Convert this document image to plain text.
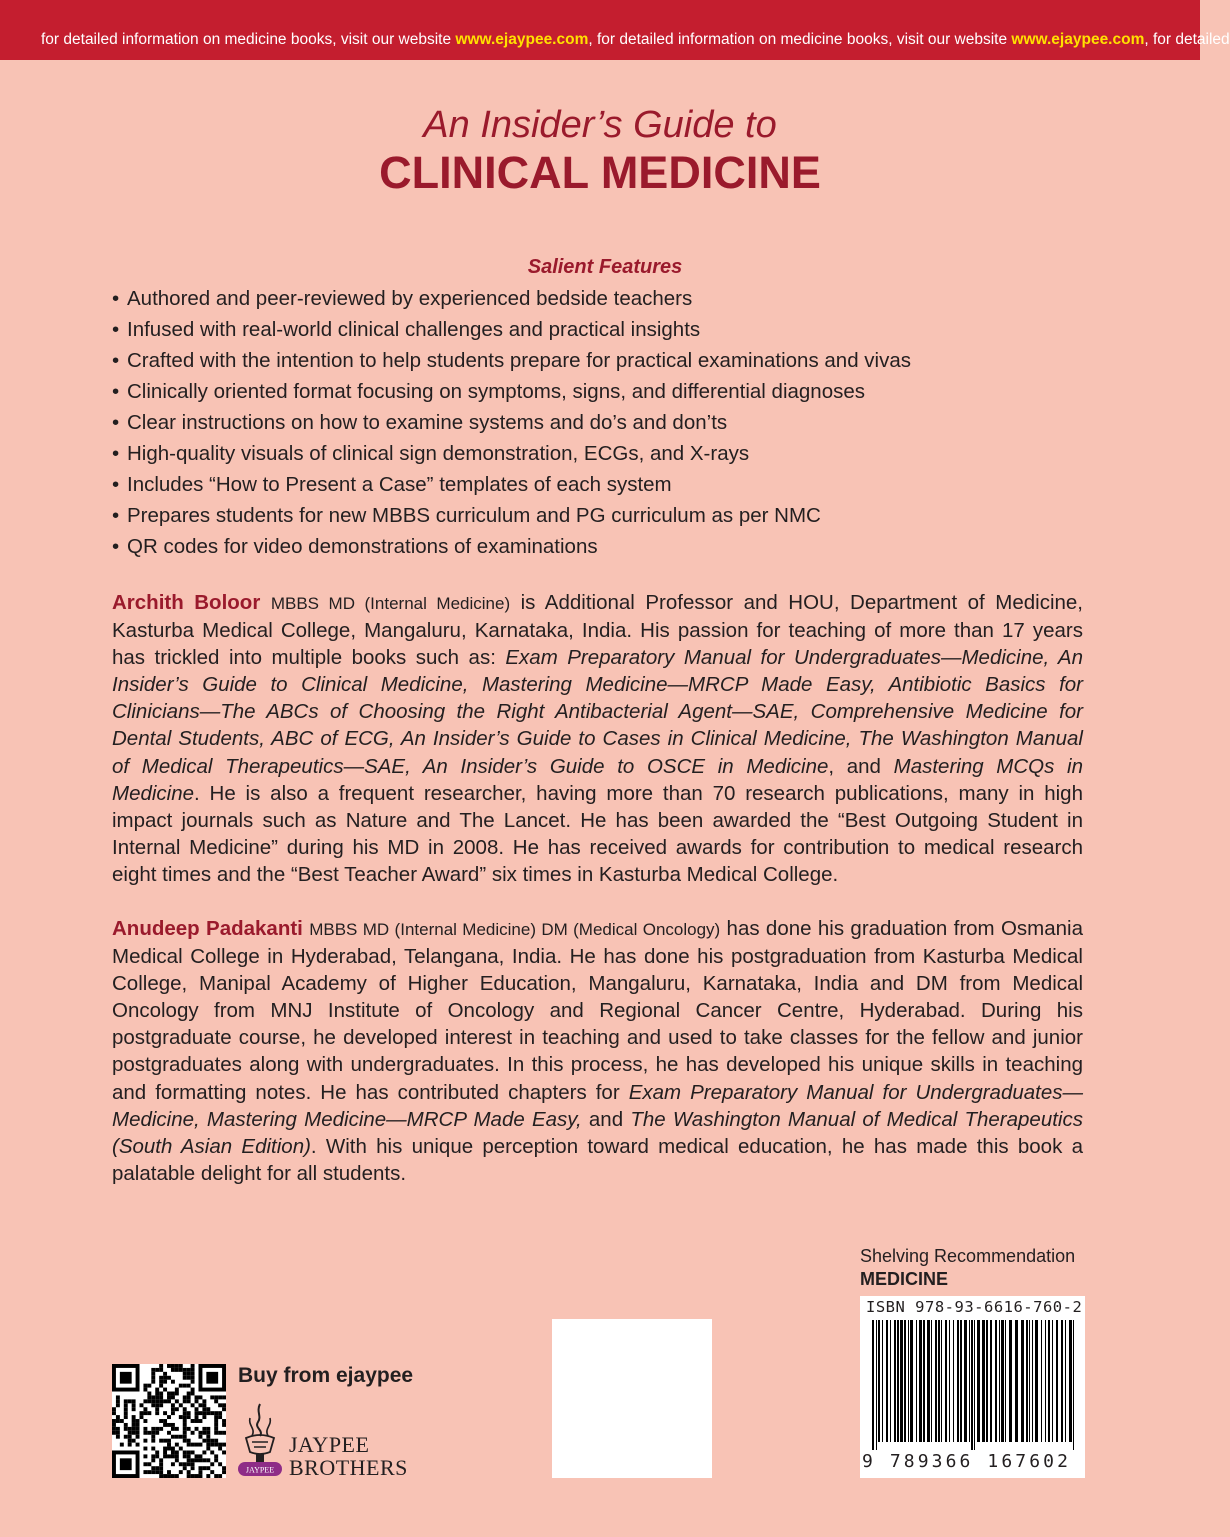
for detailed information on medicine books, visit our website www.ejaypee.com, for detailed information on medicine books, visit our website www.ejaypee.com, for detailed
An Insider’s Guide to
CLINICAL MEDICINE
Salient Features
• Authored and peer-reviewed by experienced bedside teachers
• Infused with real-world clinical challenges and practical insights
• Crafted with the intention to help students prepare for practical examinations and vivas
• Clinically oriented format focusing on symptoms, signs, and differential diagnoses
• Clear instructions on how to examine systems and do’s and don’ts
• High-quality visuals of clinical sign demonstration, ECGs, and X-rays
• Includes “How to Present a Case” templates of each system
• Prepares students for new MBBS curriculum and PG curriculum as per NMC
• QR codes for video demonstrations of examinations

Archith Boloor MBBS MD (Internal Medicine) is Additional Professor and HOU, Department of Medicine, Kasturba Medical College, Mangaluru, Karnataka, India. His passion for teaching of more than 17 years has trickled into multiple books such as: Exam Preparatory Manual for Undergraduates—Medicine, An Insider’s Guide to Clinical Medicine, Mastering Medicine—MRCP Made Easy, Antibiotic Basics for Clinicians—The ABCs of Choosing the Right Antibacterial Agent—SAE, Comprehensive Medicine for Dental Students, ABC of ECG, An Insider’s Guide to Cases in Clinical Medicine, The Washington Manual of Medical Therapeutics—SAE, An Insider’s Guide to OSCE in Medicine, and Mastering MCQs in Medicine. He is also a frequent researcher, having more than 70 research publications, many in high impact journals such as Nature and The Lancet. He has been awarded the “Best Outgoing Student in Internal Medicine” during his MD in 2008. He has received awards for contribution to medical research eight times and the “Best Teacher Award” six times in Kasturba Medical College.

Anudeep Padakanti MBBS MD (Internal Medicine) DM (Medical Oncology) has done his graduation from Osmania Medical College in Hyderabad, Telangana, India. He has done his postgraduation from Kasturba Medical College, Manipal Academy of Higher Education, Mangaluru, Karnataka, India and DM from Medical Oncology from MNJ Institute of Oncology and Regional Cancer Centre, Hyderabad. During his postgraduate course, he developed interest in teaching and used to take classes for the fellow and junior postgraduates along with undergraduates. In this process, he has developed his unique skills in teaching and formatting notes. He has contributed chapters for Exam Preparatory Manual for Undergraduates—Medicine, Mastering Medicine—MRCP Made Easy, and The Washington Manual of Medical Therapeutics (South Asian Edition). With his unique perception toward medical education, he has made this book a palatable delight for all students.

Shelving Recommendation
MEDICINE
ISBN 978-93-6616-760-2
9 789366 167602
Buy from ejaypee
JAYPEE
JAYPEE
BROTHERS
